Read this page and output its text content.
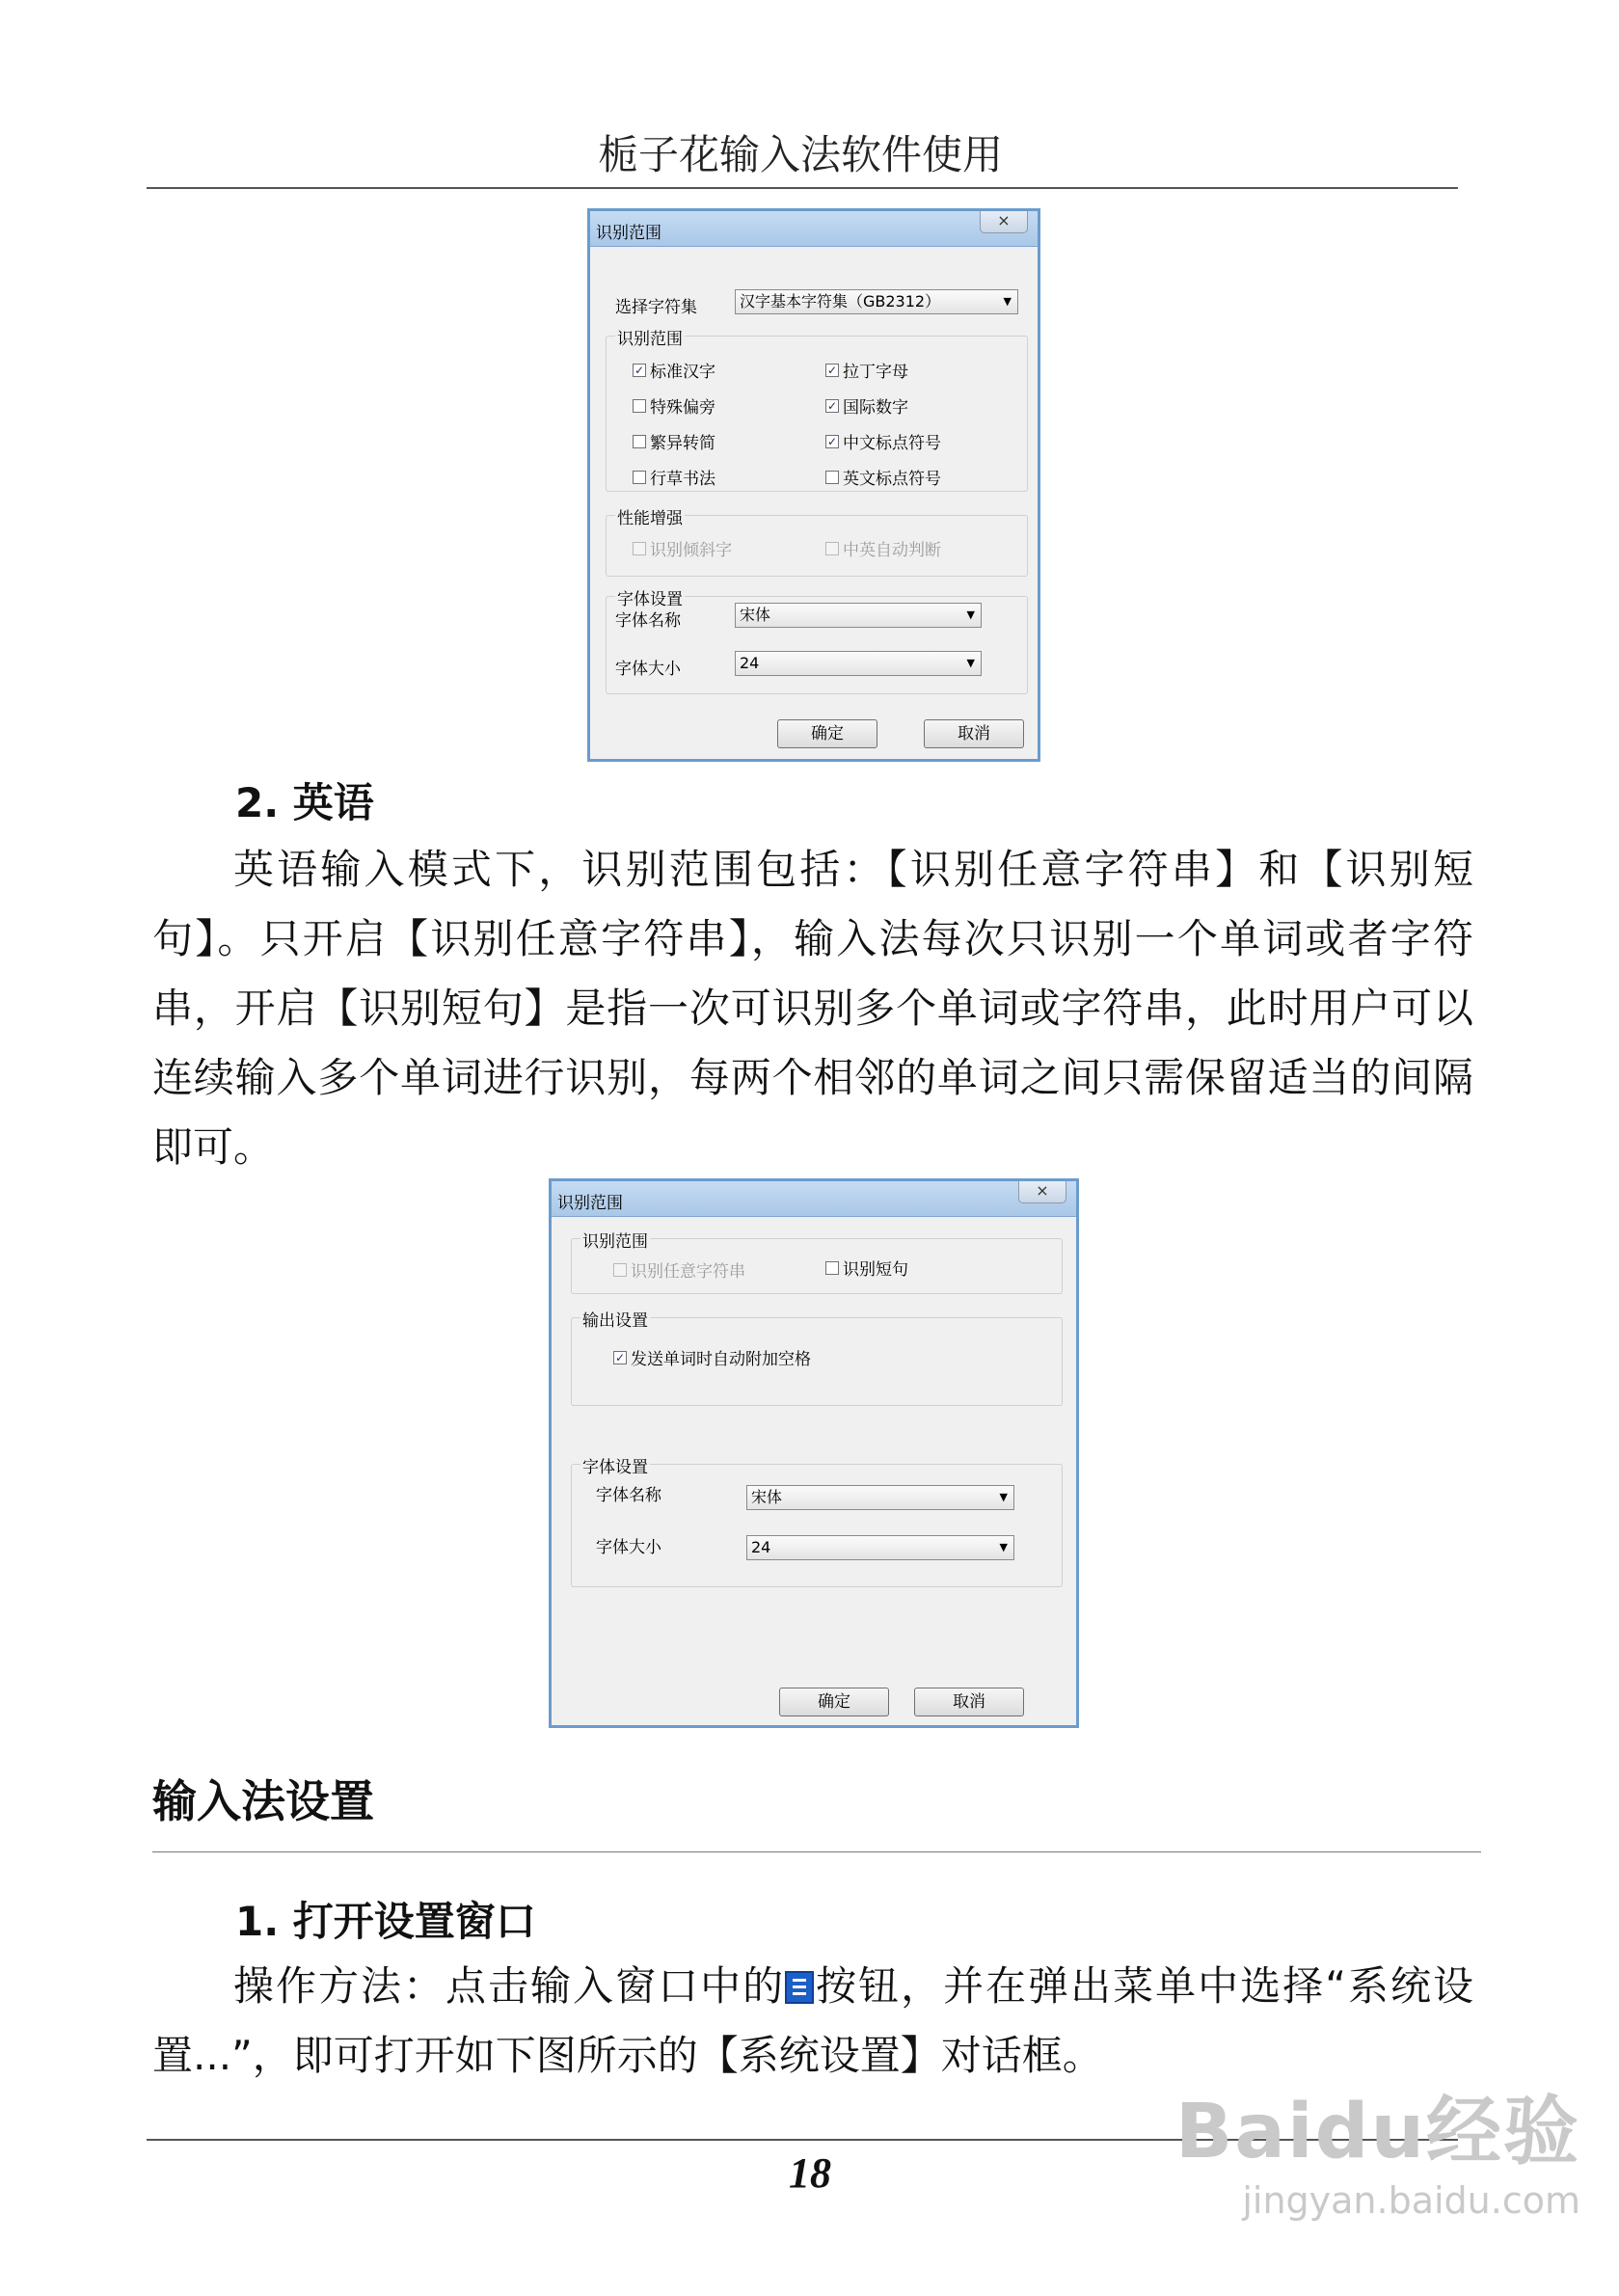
栀子花输入法软件使用
识别范围
×
选择字符集	汉字基本字符集（GB2312）	▼
识别范围
✓ 标准汉字	✓ 拉丁字母
特殊偏旁	✓ 国际数字
繁异转简	✓ 中文标点符号
行草书法	英文标点符号
性能增强
识别倾斜字	中英自动判断
字体设置
字体名称	宋体	▼
字体大小	24	▼
确定	取消
2. 英语

英语输入模式下，识别范围包括：【识别任意字符串】和【识别短句】。只开启【识别任意字符串】，输入法每次只识别一个单词或者字符串，开启【识别短句】是指一次可识别多个单词或字符串，此时用户可以连续输入多个单词进行识别，每两个相邻的单词之间只需保留适当的间隔即可。

识别范围
×
识别范围
识别任意字符串	识别短句
输出设置
✓ 发送单词时自动附加空格
字体设置
字体名称	宋体	▼
字体大小	24	▼
确定	取消
输入法设置
1. 打开设置窗口

操作方法：点击输入窗口中的 按钮，并在弹出菜单中选择“系统设置...”，即可打开如下图所示的【系统设置】对话框。

18	Baidu经验
jingyan.baidu.com
